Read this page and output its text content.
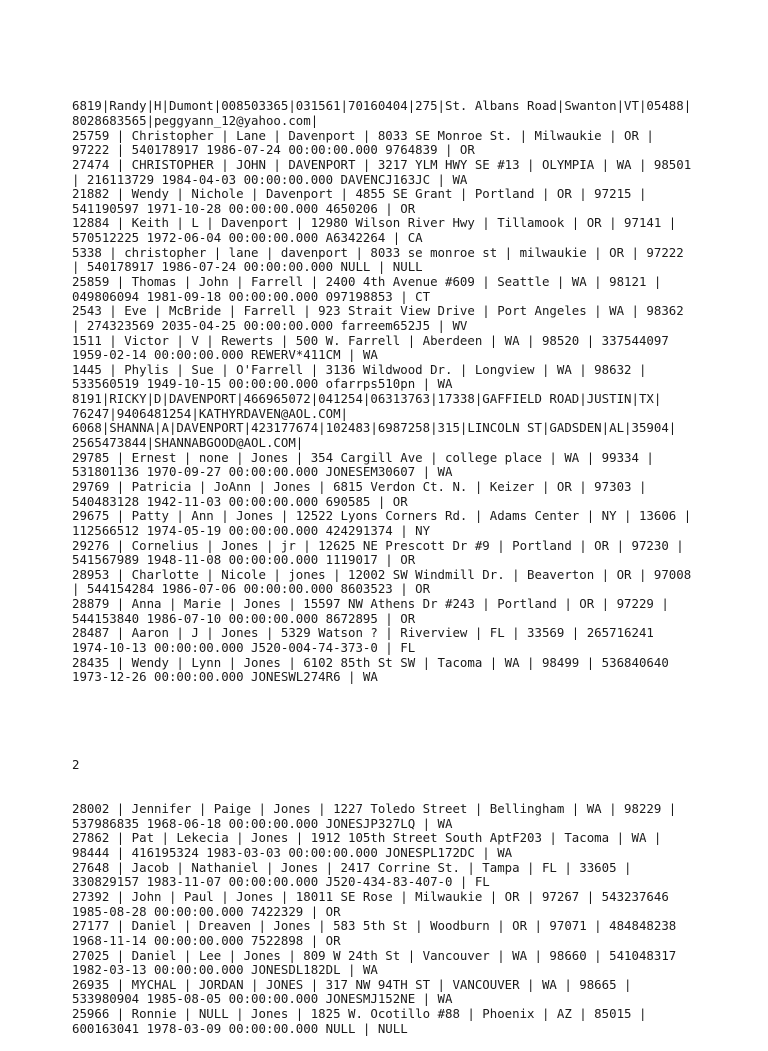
6819|Randy|H|Dumont|008503365|031561|70160404|275|St. Albans Road|Swanton|VT|05488|
8028683565|peggyann_12@yahoo.com|
25759 | Christopher | Lane | Davenport | 8033 SE Monroe St. | Milwaukie | OR |
97222 | 540178917 1986-07-24 00:00:00.000 9764839 | OR
27474 | CHRISTOPHER | JOHN | DAVENPORT | 3217 YLM HWY SE #13 | OLYMPIA | WA | 98501
| 216113729 1984-04-03 00:00:00.000 DAVENCJ163JC | WA
21882 | Wendy | Nichole | Davenport | 4855 SE Grant | Portland | OR | 97215 |
541190597 1971-10-28 00:00:00.000 4650206 | OR
12884 | Keith | L | Davenport | 12980 Wilson River Hwy | Tillamook | OR | 97141 |
570512225 1972-06-04 00:00:00.000 A6342264 | CA
5338 | christopher | lane | davenport | 8033 se monroe st | milwaukie | OR | 97222
| 540178917 1986-07-24 00:00:00.000 NULL | NULL
25859 | Thomas | John | Farrell | 2400 4th Avenue #609 | Seattle | WA | 98121 |
049806094 1981-09-18 00:00:00.000 097198853 | CT
2543 | Eve | McBride | Farrell | 923 Strait View Drive | Port Angeles | WA | 98362
| 274323569 2035-04-25 00:00:00.000 farreem652J5 | WV
1511 | Victor | V | Rewerts | 500 W. Farrell | Aberdeen | WA | 98520 | 337544097
1959-02-14 00:00:00.000 REWERV*411CM | WA
1445 | Phylis | Sue | O'Farrell | 3136 Wildwood Dr. | Longview | WA | 98632 |
533560519 1949-10-15 00:00:00.000 ofarrps510pn | WA
8191|RICKY|D|DAVENPORT|466965072|041254|06313763|17338|GAFFIELD ROAD|JUSTIN|TX|
76247|9406481254|KATHYRDAVEN@AOL.COM|
6068|SHANNA|A|DAVENPORT|423177674|102483|6987258|315|LINCOLN ST|GADSDEN|AL|35904|
2565473844|SHANNABGOOD@AOL.COM|
29785 | Ernest | none | Jones | 354 Cargill Ave | college place | WA | 99334 |
531801136 1970-09-27 00:00:00.000 JONESEM30607 | WA
29769 | Patricia | JoAnn | Jones | 6815 Verdon Ct. N. | Keizer | OR | 97303 |
540483128 1942-11-03 00:00:00.000 690585 | OR
29675 | Patty | Ann | Jones | 12522 Lyons Corners Rd. | Adams Center | NY | 13606 |
112566512 1974-05-19 00:00:00.000 424291374 | NY
29276 | Cornelius | Jones | jr | 12625 NE Prescott Dr #9 | Portland | OR | 97230 |
541567989 1948-11-08 00:00:00.000 1119017 | OR
28953 | Charlotte | Nicole | jones | 12002 SW Windmill Dr. | Beaverton | OR | 97008
| 544154284 1986-07-06 00:00:00.000 8603523 | OR
28879 | Anna | Marie | Jones | 15597 NW Athens Dr #243 | Portland | OR | 97229 |
544153840 1986-07-10 00:00:00.000 8672895 | OR
28487 | Aaron | J | Jones | 5329 Watson ? | Riverview | FL | 33569 | 265716241
1974-10-13 00:00:00.000 J520-004-74-373-0 | FL
28435 | Wendy | Lynn | Jones | 6102 85th St SW | Tacoma | WA | 98499 | 536840640
1973-12-26 00:00:00.000 JONESWL274R6 | WA

2

28002 | Jennifer | Paige | Jones | 1227 Toledo Street | Bellingham | WA | 98229 |
537986835 1968-06-18 00:00:00.000 JONESJP327LQ | WA
27862 | Pat | Lekecia | Jones | 1912 105th Street South AptF203 | Tacoma | WA |
98444 | 416195324 1983-03-03 00:00:00.000 JONESPL172DC | WA
27648 | Jacob | Nathaniel | Jones | 2417 Corrine St. | Tampa | FL | 33605 |
330829157 1983-11-07 00:00:00.000 J520-434-83-407-0 | FL
27392 | John | Paul | Jones | 18011 SE Rose | Milwaukie | OR | 97267 | 543237646
1985-08-28 00:00:00.000 7422329 | OR
27177 | Daniel | Dreaven | Jones | 583 5th St | Woodburn | OR | 97071 | 484848238
1968-11-14 00:00:00.000 7522898 | OR
27025 | Daniel | Lee | Jones | 809 W 24th St | Vancouver | WA | 98660 | 541048317
1982-03-13 00:00:00.000 JONESDL182DL | WA
26935 | MYCHAL | JORDAN | JONES | 317 NW 94TH ST | VANCOUVER | WA | 98665 |
533980904 1985-08-05 00:00:00.000 JONESMJ152NE | WA
25966 | Ronnie | NULL | Jones | 1825 W. Ocotillo #88 | Phoenix | AZ | 85015 |
600163041 1978-03-09 00:00:00.000 NULL | NULL
